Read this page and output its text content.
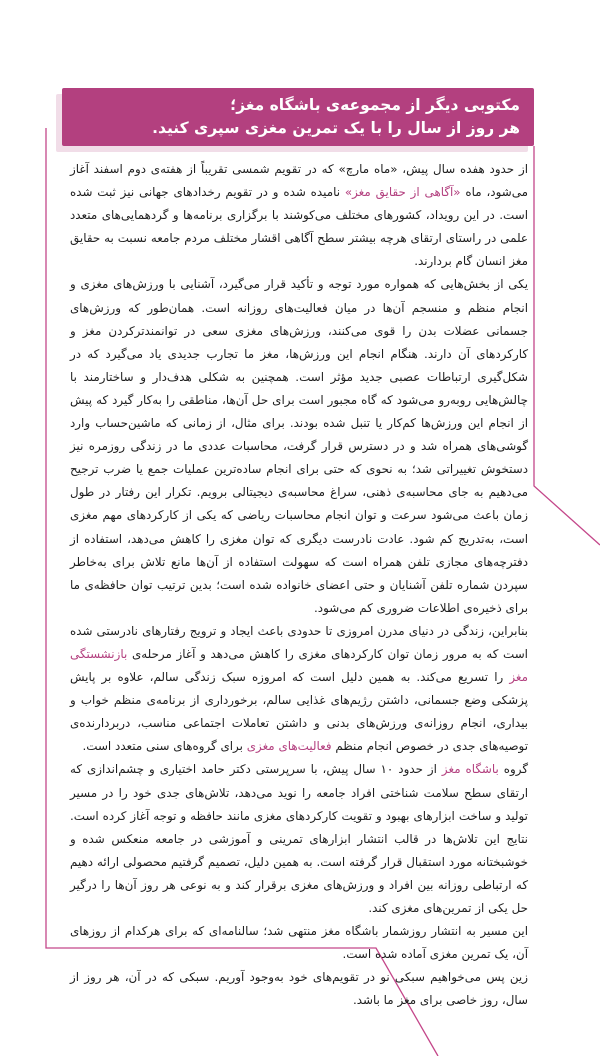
مکتوبی دیگر از مجموعه‌ی باشگاه مغز؛
هر روز از سال را با یک تمرین مغزی سپری کنید.

از حدود هفده سال پیش، «ماه مارچ» که در تقویم شمسی تقریباً از هفته‌ی دوم اسفند آغاز می‌شود، ماه «آگاهی از حقایق مغز» نامیده شده و در تقویم رخدادهای جهانی نیز ثبت شده است. در این رویداد، کشورهای مختلف می‌کوشند با برگزاری برنامه‌ها و گردهمایی‌های متعدد علمی در راستای ارتقای هرچه بیشتر سطح آگاهی اقشار مختلف مردم جامعه نسبت به حقایق مغز انسان گام بردارند.

یکی از بخش‌هایی که همواره مورد توجه و تأکید قرار می‌گیرد، آشنایی با ورزش‌های مغزی و انجام منظم و منسجم آن‌ها در میان فعالیت‌های روزانه است. همان‌طور که ورزش‌های جسمانی عضلات بدن را قوی می‌کنند، ورزش‌های مغزی سعی در توانمندترکردن مغز و کارکردهای آن دارند. هنگام انجام این ورزش‌ها، مغز ما تجارب جدیدی یاد می‌گیرد که در شکل‌گیری ارتباطات عصبی جدید مؤثر است. همچنین به شکلی هدف‌دار و ساختارمند با چالش‌هایی روبه‌رو می‌شود که گاه مجبور است برای حل آن‌ها، مناطقی را به‌کار گیرد که پیش از انجام این ورزش‌ها کم‌کار یا تنبل شده بودند. برای مثال، از زمانی که ماشین‌حساب وارد گوشی‌های همراه شد و در دسترس قرار گرفت، محاسبات عددی ما در زندگی روزمره نیز دستخوش تغییراتی شد؛ به نحوی که حتی برای انجام ساده‌ترین عملیات جمع یا ضرب ترجیح می‌دهیم به جای محاسبه‌ی ذهنی، سراغ محاسبه‌ی دیجیتالی برویم. تکرار این رفتار در طول زمان باعث می‌شود سرعت و توان انجام محاسبات ریاضی که یکی از کارکردهای مهم مغزی است، به‌تدریج کم شود. عادت نادرست دیگری که توان مغزی را کاهش می‌دهد، استفاده از دفترچه‌های مجازی تلفن همراه است که سهولت استفاده از آن‌ها مانع تلاش برای به‌خاطر سپردن شماره تلفن آشنایان و حتی اعضای خانواده شده است؛ بدین ترتیب توان حافظه‌ی ما برای ذخیره‌ی اطلاعات ضروری کم می‌شود.

بنابراین، زندگی در دنیای مدرن امروزی تا حدودی باعث ایجاد و ترویج رفتارهای نادرستی شده است که به مرور زمان توان کارکردهای مغزی را کاهش می‌دهد و آغاز مرحله‌ی بازنشستگی مغز را تسریع می‌کند. به همین دلیل است که امروزه سبک زندگی سالم، علاوه بر پایش پزشکی وضع جسمانی، داشتن رژیم‌های غذایی سالم، برخورداری از برنامه‌ی منظم خواب و بیداری، انجام روزانه‌ی ورزش‌های بدنی و داشتن تعاملات اجتماعی مناسب، دربردارنده‌ی توصیه‌های جدی در خصوص انجام منظم فعالیت‌های مغزی برای گروه‌های سنی متعدد است.

گروه باشگاه مغز از حدود ۱۰ سال پیش، با سرپرستی دکتر حامد اختیاری و چشم‌اندازی که ارتقای سطح سلامت شناختی افراد جامعه را نوید می‌دهد، تلاش‌های جدی خود را در مسیر تولید و ساخت ابزارهای بهبود و تقویت کارکردهای مغزی مانند حافظه و توجه آغاز کرده است. نتایج این تلاش‌ها در قالب انتشار ابزارهای تمرینی و آموزشی در جامعه منعکس شده و خوشبختانه مورد استقبال قرار گرفته است. به همین دلیل، تصمیم گرفتیم محصولی ارائه دهیم که ارتباطی روزانه بین افراد و ورزش‌های مغزی برقرار کند و به نوعی هر روز آن‌ها را درگیر حل یکی از تمرین‌های مغزی کند.

این مسیر به انتشار روزشمار باشگاه مغز منتهی شد؛ سالنامه‌ای که برای هرکدام از روزهای آن، یک تمرین مغزی آماده شده است.

زین پس می‌خواهیم سبکی نو در تقویم‌های خود به‌وجود آوریم. سبکی که در آن، هر روز از سال، روز خاصی برای مغز ما باشد.
